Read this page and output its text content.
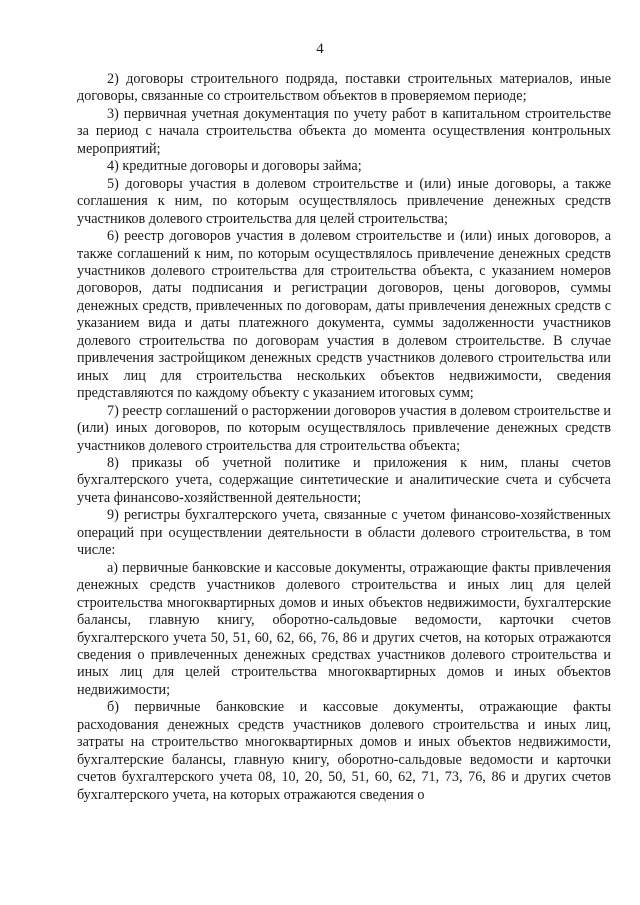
4

2) договоры строительного подряда, поставки строительных материалов, иные договоры, связанные со строительством объектов в проверяемом периоде;

3) первичная учетная документация по учету работ в капитальном строительстве за период с начала строительства объекта до момента осуществления контрольных мероприятий;

4) кредитные договоры и договоры займа;

5) договоры участия в долевом строительстве и (или) иные договоры, а также соглашения к ним, по которым осуществлялось привлечение денежных средств участников долевого строительства для целей строительства;

6) реестр договоров участия в долевом строительстве и (или) иных договоров, а также соглашений к ним, по которым осуществлялось привлечение денежных средств участников долевого строительства для строительства объекта, с указанием номеров договоров, даты подписания и регистрации договоров, цены договоров, суммы денежных средств, привлеченных по договорам, даты привлечения денежных средств с указанием вида и даты платежного документа, суммы задолженности участников долевого строительства по договорам участия в долевом строительстве. В случае привлечения застройщиком денежных средств участников долевого строительства или иных лиц для строительства нескольких объектов недвижимости, сведения представляются по каждому объекту с указанием итоговых сумм;

7) реестр соглашений о расторжении договоров участия в долевом строительстве и (или) иных договоров, по которым осуществлялось привлечение денежных средств участников долевого строительства для строительства объекта;

8) приказы об учетной политике и приложения к ним, планы счетов бухгалтерского учета, содержащие синтетические и аналитические счета и субсчета учета финансово-хозяйственной деятельности;

9) регистры бухгалтерского учета, связанные с учетом финансово-хозяйственных операций при осуществлении деятельности в области долевого строительства, в том числе:

а) первичные банковские и кассовые документы, отражающие факты привлечения денежных средств участников долевого строительства и иных лиц для целей строительства многоквартирных домов и иных объектов недвижимости, бухгалтерские балансы, главную книгу, оборотно-сальдовые ведомости, карточки счетов бухгалтерского учета 50, 51, 60, 62, 66, 76, 86 и других счетов, на которых отражаются сведения о привлеченных денежных средствах участников долевого строительства и иных лиц для целей строительства многоквартирных домов и иных объектов недвижимости;

б) первичные банковские и кассовые документы, отражающие факты расходования денежных средств участников долевого строительства и иных лиц, затраты на строительство многоквартирных домов и иных объектов недвижимости, бухгалтерские балансы, главную книгу, оборотно-сальдовые ведомости и карточки счетов бухгалтерского учета 08, 10, 20, 50, 51, 60, 62, 71, 73, 76, 86 и других счетов бухгалтерского учета, на которых отражаются сведения о
